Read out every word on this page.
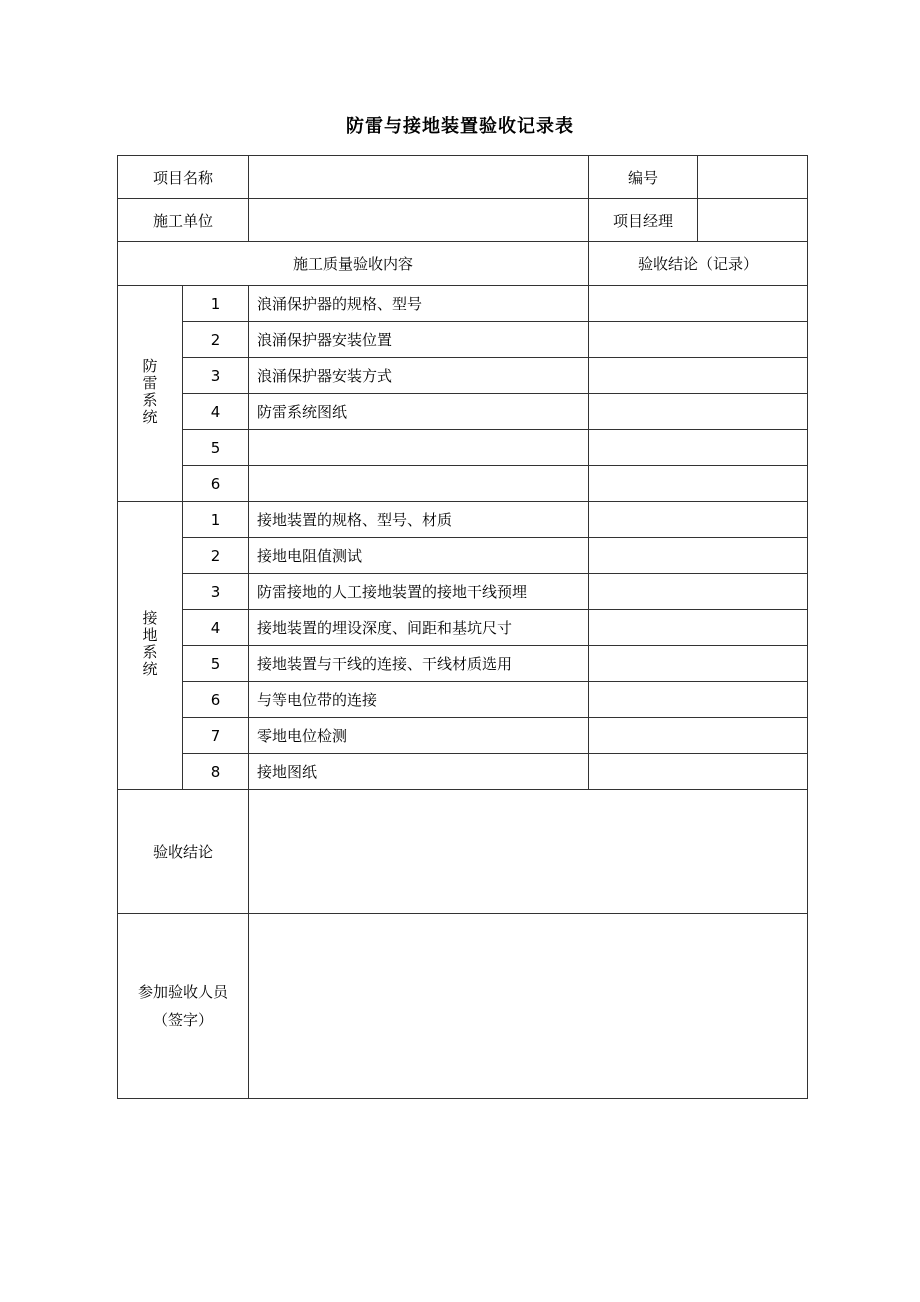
防雷与接地装置验收记录表
项目名称			编号	
施工单位			项目经理	
施工质量验收内容			验收结论（记录）	
防雷系统	1	浪涌保护器的规格、型号		
	2	浪涌保护器安装位置		
	3	浪涌保护器安装方式		
	4	防雷系统图纸		
	5			
	6			
接地系统	1	接地装置的规格、型号、材质		
	2	接地电阻值测试		
	3	防雷接地的人工接地装置的接地干线预埋		
	4	接地装置的埋设深度、间距和基坑尺寸		
	5	接地装置与干线的连接、干线材质选用		
	6	与等电位带的连接		
	7	零地电位检测		
	8	接地图纸		
验收结论				

参加验收人员
（签字）				
